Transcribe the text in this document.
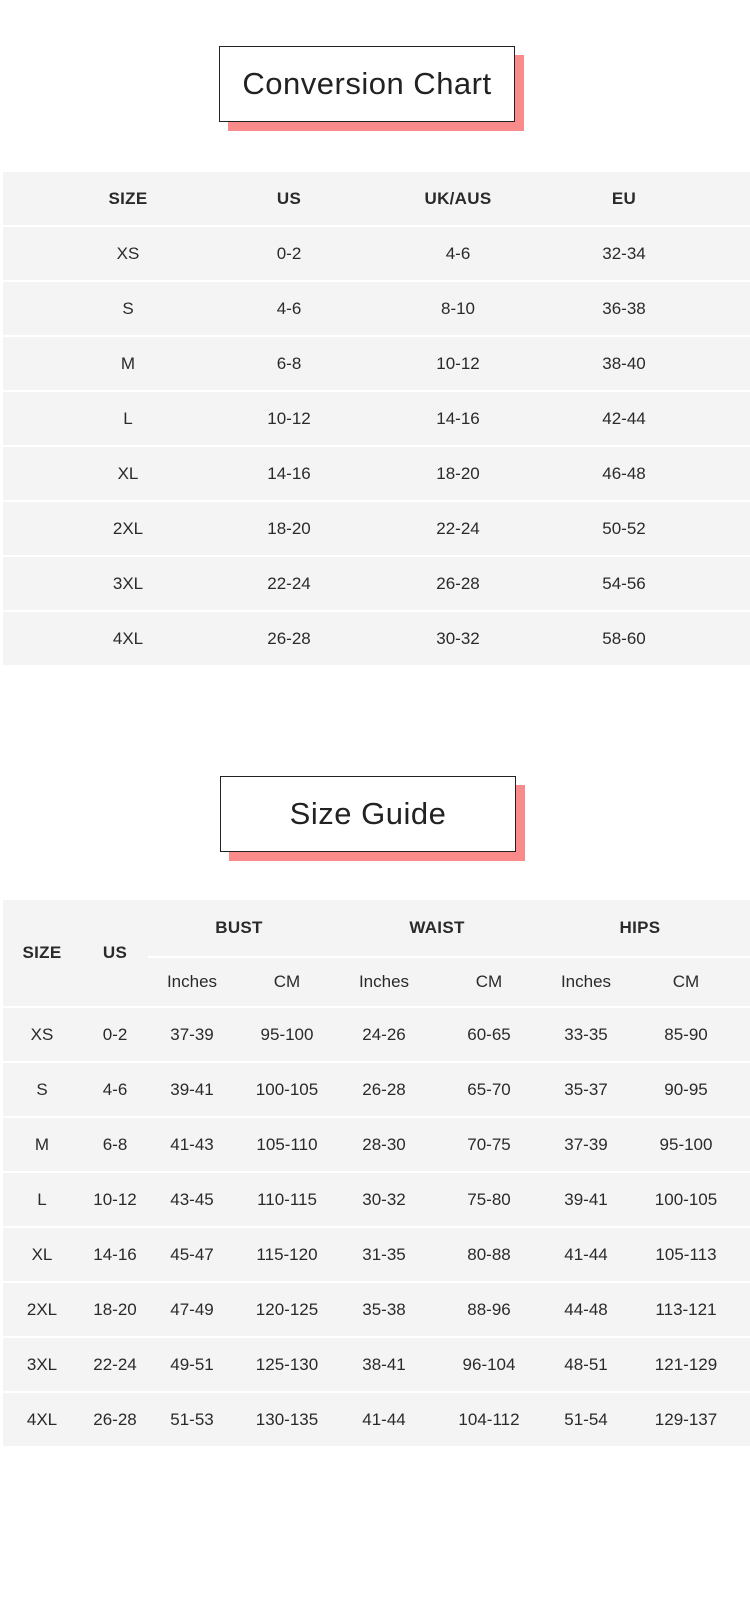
Conversion Chart
SIZE	US	UK/AUS	EU
XS	0-2	4-6	32-34
S	4-6	8-10	36-38
M	6-8	10-12	38-40
L	10-12	14-16	42-44
XL	14-16	18-20	46-48
2XL	18-20	22-24	50-52
3XL	22-24	26-28	54-56
4XL	26-28	30-32	58-60
Size Guide
SIZE	US
BUST	WAIST	HIPS
Inches	CM	Inches	CM	Inches	CM
XS	0-2	37-39	95-100	24-26	60-65	33-35	85-90
S	4-6	39-41	100-105	26-28	65-70	35-37	90-95
M	6-8	41-43	105-110	28-30	70-75	37-39	95-100
L	10-12	43-45	110-115	30-32	75-80	39-41	100-105
XL	14-16	45-47	115-120	31-35	80-88	41-44	105-113
2XL	18-20	47-49	120-125	35-38	88-96	44-48	113-121
3XL	22-24	49-51	125-130	38-41	96-104	48-51	121-129
4XL	26-28	51-53	130-135	41-44	104-112	51-54	129-137
